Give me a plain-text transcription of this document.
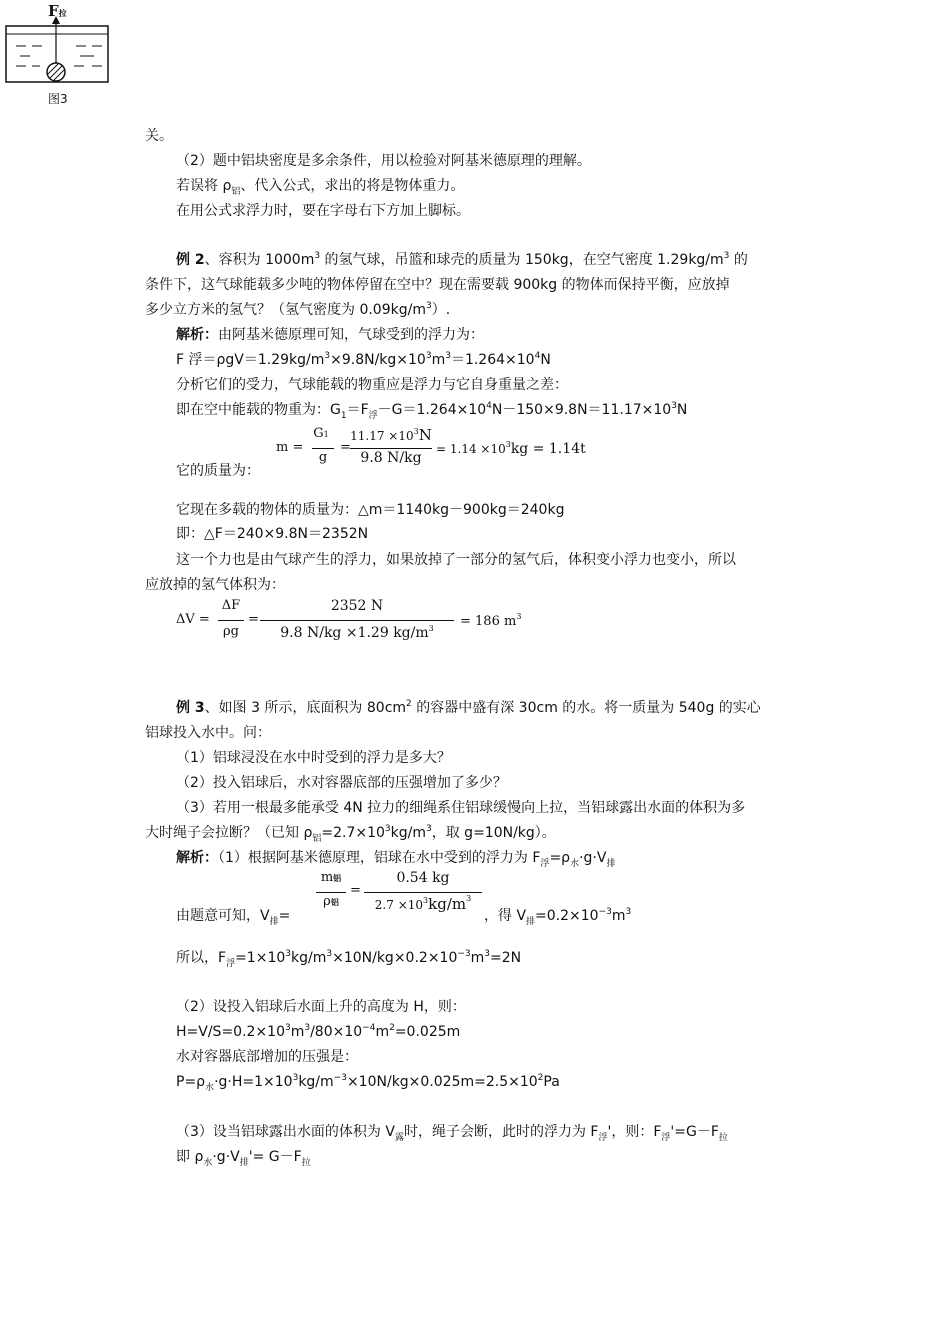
F拉
图3
关。
（2）题中铝块密度是多余条件，用以检验对阿基米德原理的理解。
若误将 $\rho_铝$、代入公式，求出的将是物体重力。
在用公式求浮力时，要在字母右下方加上脚标。
例 2、容积为 $1000m^3$ 的氢气球，吊篮和球壳的质量为 150kg，在空气密度 $1.29kg/m^3$ 的
条件下，这气球能载多少吨的物体停留在空中？现在需要载 900kg 的物体而保持平衡，应放掉
多少立方米的氢气？（氢气密度为 $0.09kg/m^3$）.
解析：由阿基米德原理可知，气球受到的浮力为：
F 浮$=\rho gV=1.29kg/m^3\times 9.8N/kg\times 10^3m^3=1.264\times 10^4N$
分析它们的受力，气球能载的物重应是浮力与它自身重量之差：
即在空中能载的物重为：$G_1=F_浮-G=1.264\times 10^4N-150\times 9.8N=11.17\times 10^3N$
m =
G1
g
=
$11.17 \times 10^3N$
9.8 N/kg
= $1.14 \times 10^3kg = 1.14t$
它的质量为：
它现在多载的物体的质量为：△m＝1140kg－900kg＝240kg
即：△F＝240×9.8N＝2352N
这一个力也是由气球产生的浮力，如果放掉了一部分的氢气后，体积变小浮力也变小，所以
应放掉的氢气体积为：
ΔV =
ΔF
ρg
=
2352 N
9.8 N/kg ×1.29 $kg/m^3$	= 186 $m^3$
例 3、如图 3 所示，底面积为 $80cm^2$ 的容器中盛有深 30cm 的水。将一质量为 540g 的实心
铝球投入水中。问：
（1）铝球浸没在水中时受到的浮力是多大？
（2）投入铝球后，水对容器底部的压强增加了多少？
（3）若用一根最多能承受 4N 拉力的细绳系住铝球缓慢向上拉，当铝球露出水面的体积为多
大时绳子会拉断？（已知 $\rho_铝=2.7\times 10^3kg/m^3$，取 g=10N/kg）。
解析：（1）根据阿基米德原理，铝球在水中受到的浮力为 $F_浮=\rho_水\cdot g\cdot V_排$
m铝
ρ铝
=
0.54 kg
$2.7 \times 10^3kg/m^3$
由题意可知，$V_排=$	，得 $V_排=0.2\times 10^{-3}m^3$
所以，$F_浮=1\times 10^3kg/m^3\times 10N/kg\times 0.2\times 10^{-3}m^3=2N$
（2）设投入铝球后水面上升的高度为 H，则：
$H=V/S=0.2\times 10^3m^3/80\times 10^{-4}m^2=0.025m$
水对容器底部增加的压强是：
$P=\rho_水\cdot g\cdot H=1\times 10^3kg/m^{-3}\times 10N/kg\times 0.025m=2.5\times 10^2Pa$
（3）设当铝球露出水面的体积为 $V_露$时，绳子会断，此时的浮力为 $F_浮'$，则：$F_浮'=G-F_拉$
即 $\rho_水\cdot g\cdot V_排'= G-F_拉$
